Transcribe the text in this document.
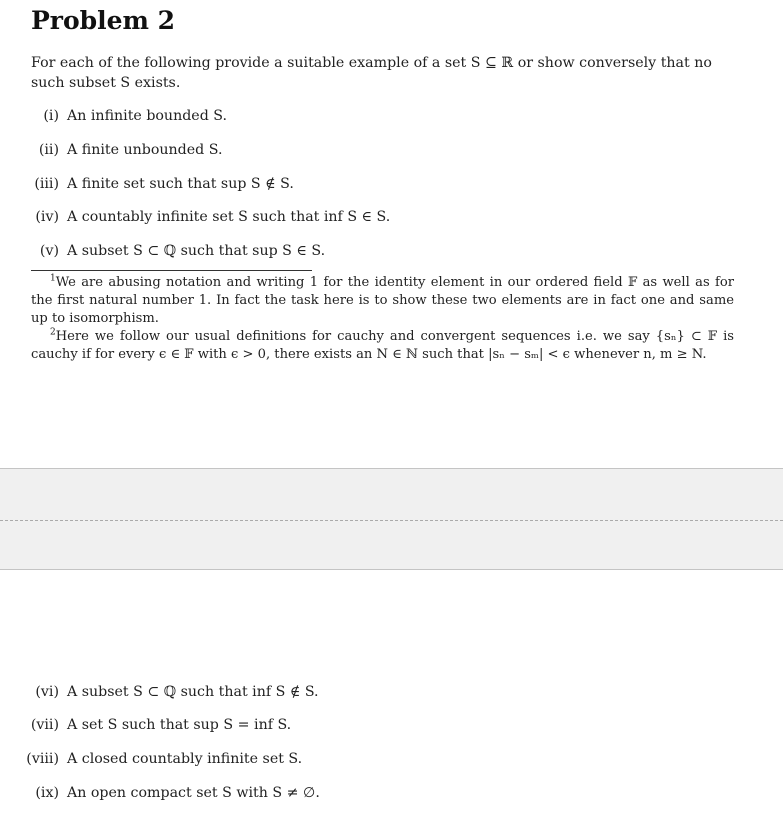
Problem 2
For each of the following provide a suitable example of a set S ⊆ ℝ or show conversely that no such subset S exists.
(i) An infinite bounded S.
(ii) A finite unbounded S.
(iii) A finite set such that sup S ∉ S.
(iv) A countably infinite set S such that inf S ∈ S.
(v) A subset S ⊂ ℚ such that sup S ∈ S.
$^1$We are abusing notation and writing 1 for the identity element in our ordered field 𝔽 as well as for the first natural number 1. In fact the task here is to show these two elements are in fact one and same up to isomorphism.
$^2$Here we follow our usual definitions for cauchy and convergent sequences i.e. we say {sₙ} ⊂ 𝔽 is cauchy if for every ϵ ∈ 𝔽 with ϵ > 0, there exists an N ∈ ℕ such that |sₙ − sₘ| < ϵ whenever n, m ≥ N.
(vi) A subset S ⊂ ℚ such that inf S ∉ S.
(vii) A set S such that sup S = inf S.
(viii) A closed countably infinite set S.
(ix) An open compact set S with S ≠ ∅.
